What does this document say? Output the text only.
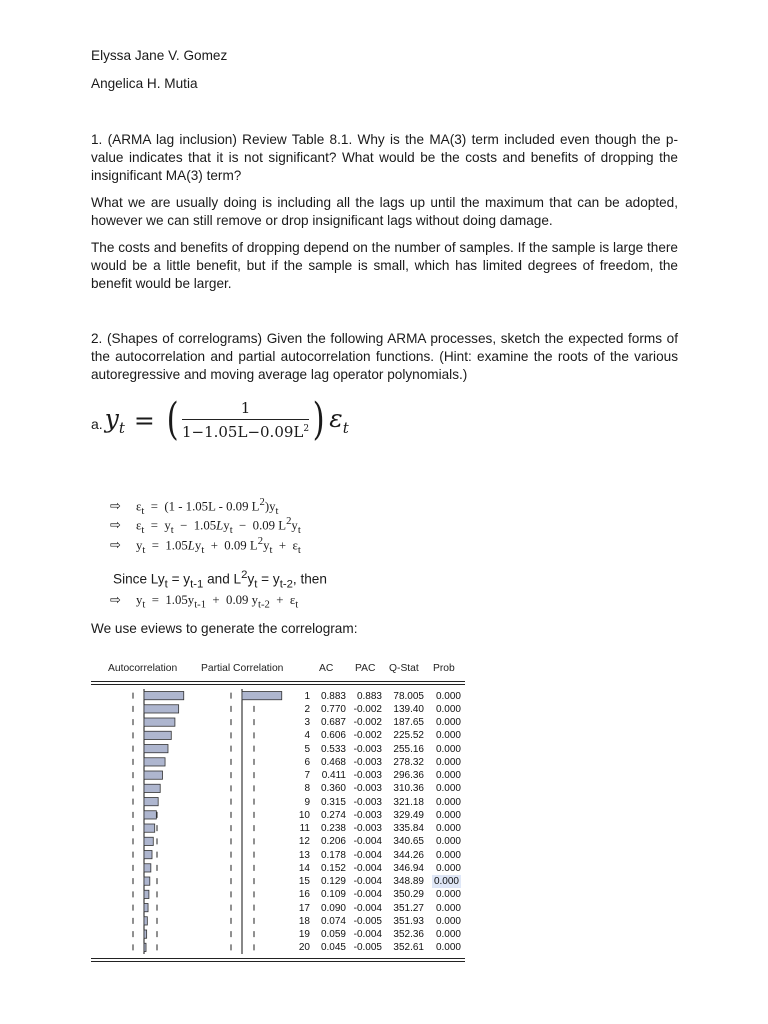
Elyssa Jane V. Gomez
Angelica H. Mutia
1. (ARMA lag inclusion) Review Table 8.1. Why is the MA(3) term included even though the p-value indicates that it is not significant? What would be the costs and benefits of dropping the insignificant MA(3) term?
What we are usually doing is including all the lags up until the maximum that can be adopted, however we can still remove or drop insignificant lags without doing damage.
The costs and benefits of dropping depend on the number of samples. If the sample is large there would be a little benefit, but if the sample is small, which has limited degrees of freedom, the benefit would be larger.
2. (Shapes of correlograms) Given the following ARMA processes, sketch the expected forms of the autocorrelation and partial autocorrelation functions. (Hint: examine the roots of the various autoregressive and moving average lag operator polynomials.)
a. $y_t$ = ( $\frac{1}{1-1.05L-0.09L^2}$ ) $\varepsilon_t$
⇨	$\varepsilon_t = (1 - 1.05L - 0.09$ $L^2)y_t$
⇨	$\varepsilon_t = y_t - 1.05Ly_t - 0.09$ $L^2y_t$
⇨	$y_t = 1.05Ly_t + 0.09$ $L^2y_t + \varepsilon_t$
Since $Ly_t = y_{t-1}$ and $L^2y_t = y_{t-2}$, then
⇨	$y_t = 1.05y_{t-1} + 0.09$ $y_{t-2} + \varepsilon_t$
We use eviews to generate the correlogram:
Autocorrelation Partial Correlation	AC PAC Q-Stat Prob
1 0.883 0.883 78.005 0.000
2 0.770 -0.002 139.40 0.000
3 0.687 -0.002 187.65 0.000
4 0.606 -0.002 225.52 0.000
5 0.533 -0.003 255.16 0.000
6 0.468 -0.003 278.32 0.000
7 0.411 -0.003 296.36 0.000
8 0.360 -0.003 310.36 0.000
9 0.315 -0.003 321.18 0.000
10 0.274 -0.003 329.49 0.000
11 0.238 -0.003 335.84 0.000
12 0.206 -0.004 340.65 0.000
13 0.178 -0.004 344.26 0.000
14 0.152 -0.004 346.94 0.000
15 0.129 -0.004 348.89 0.000
16 0.109 -0.004 350.29 0.000
17 0.090 -0.004 351.27 0.000
18 0.074 -0.005 351.93 0.000
19 0.059 -0.004 352.36 0.000
20 0.045 -0.005 352.61 0.000
